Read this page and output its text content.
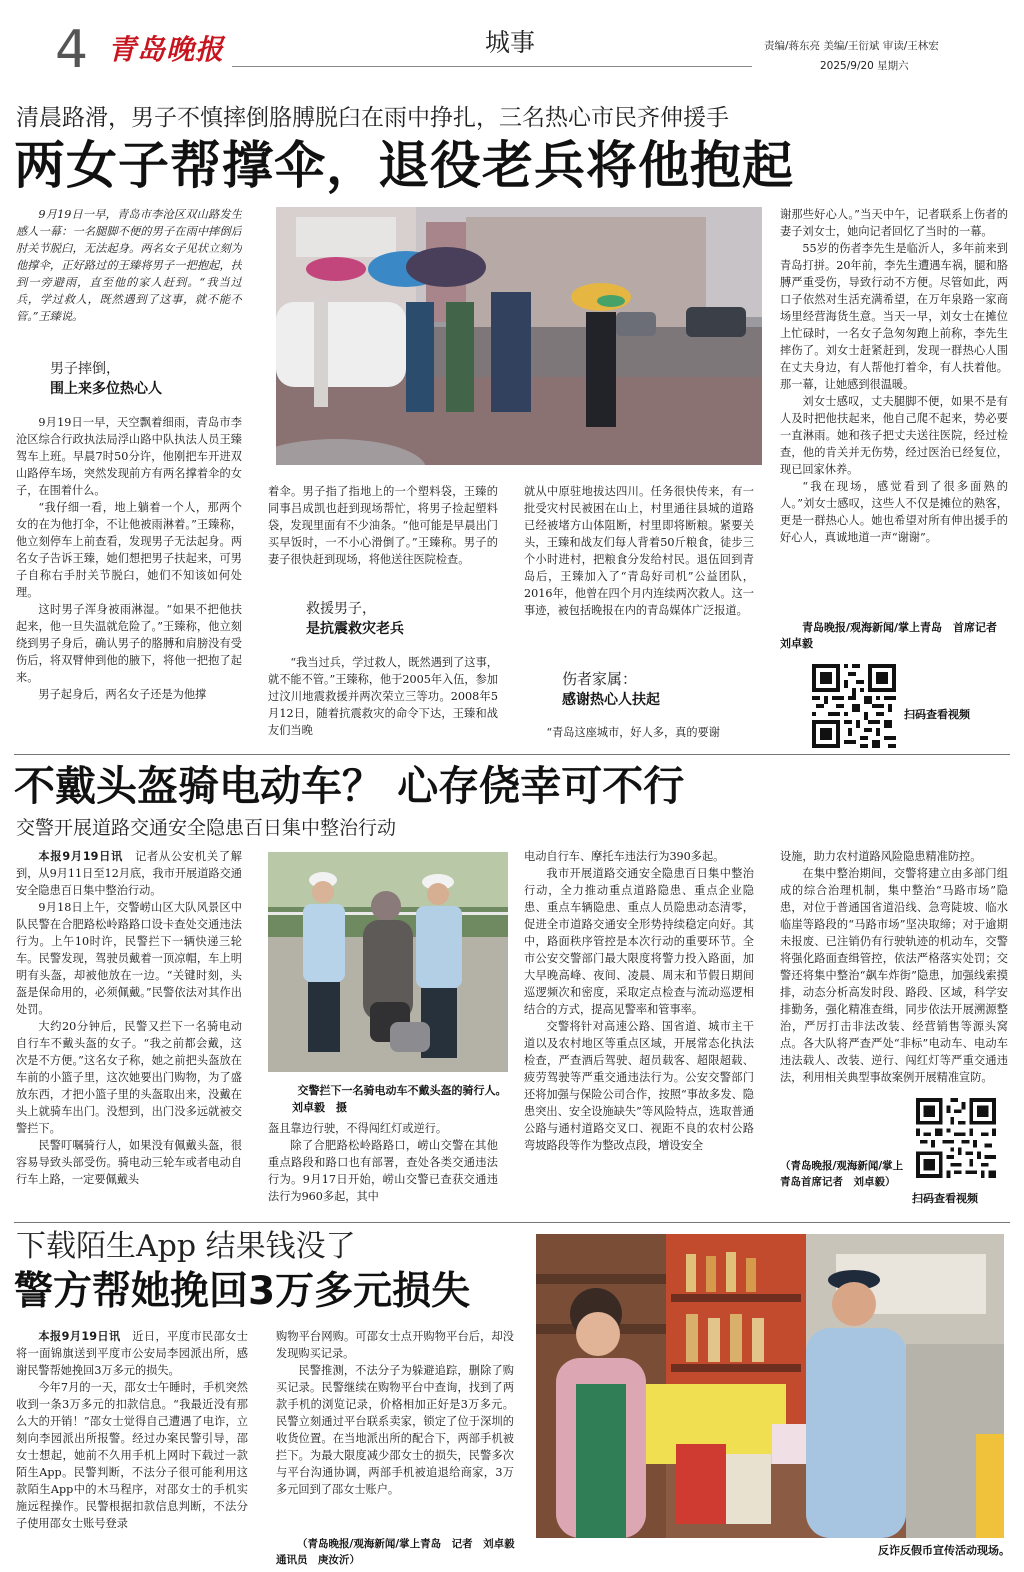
4 青岛晚报	城事	责编/蒋东亮 美编/王衍斌 审读/王林宏
2025/9/20 星期六
清晨路滑，男子不慎摔倒胳膊脱臼在雨中挣扎，三名热心市民齐伸援手
两女子帮撑伞，退役老兵将他抱起

9月19日一早，青岛市李沧区双山路发生感人一幕：一名腿脚不便的男子在雨中摔倒后肘关节脱臼，无法起身。两名女子见状立刻为他撑伞，正好路过的王臻将男子一把抱起，扶到一旁避雨，直至他的家人赶到。“我当过兵，学过救人，既然遇到了这事，就不能不管。”王臻说。

男子摔倒，
围上来多位热心人

9月19日一早，天空飘着细雨，青岛市李沧区综合行政执法局浮山路中队执法人员王臻驾车上班。早晨7时50分许，他刚把车开进双山路停车场，突然发现前方有两名撑着伞的女子，在围着什么。

“我仔细一看，地上躺着一个人，那两个女的在为他打伞，不让他被雨淋着。”王臻称，他立刻停车上前查看，发现男子无法起身。两名女子告诉王臻，她们想把男子扶起来，可男子自称右手肘关节脱臼，她们不知该如何处理。

这时男子浑身被雨淋湿。“如果不把他扶起来，他一旦失温就危险了。”王臻称，他立刻绕到男子身后，确认男子的胳膊和肩膀没有受伤后，将双臂伸到他的腋下，将他一把抱了起来。

男子起身后，两名女子还是为他撑

着伞。男子指了指地上的一个塑料袋，王臻的同事吕成凯也赶到现场帮忙，将男子捡起塑料袋，发现里面有不少油条。“他可能是早晨出门买早饭时，一不小心滑倒了。”王臻称。男子的妻子很快赶到现场，将他送往医院检查。

救援男子，
是抗震救灾老兵

“我当过兵，学过救人，既然遇到了这事，就不能不管。”王臻称，他于2005年入伍，参加过汶川地震救援并两次荣立三等功。2008年5月12日，随着抗震救灾的命令下达，王臻和战友们当晚

就从中原驻地拔达四川。任务很快传来，有一批受灾村民被困在山上，村里通往县城的道路已经被堵方山体阻断，村里即将断粮。紧要关头，王臻和战友们每人背着50斤粮食，徒步三个小时进村，把粮食分发给村民。退伍回到青岛后，王臻加入了“青岛好司机”公益团队，2016年，他曾在四个月内连续两次救人。这一事迹，被包括晚报在内的青岛媒体广泛报道。

伤者家属：
感谢热心人扶起

“青岛这座城市，好人多，真的要谢

谢那些好心人。”当天中午，记者联系上伤者的妻子刘女士，她向记者回忆了当时的一幕。

55岁的伤者李先生是临沂人，多年前来到青岛打拼。20年前，李先生遭遇车祸，腿和胳膊严重受伤，导致行动不方便。尽管如此，两口子依然对生活充满希望，在万年泉路一家商场里经营海货生意。当天一早，刘女士在摊位上忙碌时，一名女子急匆匆跑上前称，李先生摔伤了。刘女士赶紧赶到，发现一群热心人围在丈夫身边，有人帮他打着伞，有人扶着他。那一幕，让她感到很温暖。

刘女士感叹，丈夫腿脚不便，如果不是有人及时把他扶起来，他自己爬不起来，势必要一直淋雨。她和孩子把丈夫送往医院，经过检查，他的肯关并无伤势，经过医治已经复位，现已回家休养。

“我在现场，感觉看到了很多面熟的人。”刘女士感叹，这些人不仅是摊位的熟客，更是一群热心人。她也希望对所有伸出援手的好心人，真诚地道一声“谢谢”。

青岛晚报/观海新闻/掌上青岛　首席记者　刘卓毅
扫码查看视频
不戴头盔骑电动车？ 心存侥幸可不行
交警开展道路交通安全隐患百日集中整治行动

本报9月19日讯　 记者从公安机关了解到，从9月11日至12月底，我市开展道路交通安全隐患百日集中整治行动。

9月18日上午，交警崂山区大队风景区中队民警在合肥路松岭路路口设卡查处交通违法行为。上午10时许，民警拦下一辆快递三轮车。民警发现，驾驶员戴着一顶凉帽，车上明明有头盔，却被他放在一边。“关键时刻，头盔是保命用的，必须佩戴。”民警依法对其作出处罚。

大约20分钟后，民警又拦下一名骑电动自行车不戴头盔的女子。“我之前都会戴，这次是不方便。”这名女子称，她之前把头盔放在车前的小篮子里，这次她要出门购物，为了盛放东西，才把小篮子里的头盔取出来，没戴在头上就骑车出门。没想到，出门没多远就被交警拦下。

民警叮嘱骑行人，如果没有佩戴头盔，很容易导致头部受伤。骑电动三轮车或者电动自行车上路，一定要佩戴头

交警拦下一名骑电动车不戴头盔的骑行人。刘卓毅　摄

盔且靠边行驶，不得闯红灯或逆行。

除了合肥路松岭路路口，崂山交警在其他重点路段和路口也有部署，查处各类交通违法行为。9月17日开始，崂山交警已查获交通违法行为960多起，其中

电动自行车、摩托车违法行为390多起。

我市开展道路交通安全隐患百日集中整治行动，全力推动重点道路隐患、重点企业隐患、重点车辆隐患、重点人员隐患动态清零，促进全市道路交通安全形势持续稳定向好。其中，路面秩序管控是本次行动的重要环节。全市公安交警部门最大限度将警力投入路面，加大早晚高峰、夜间、凌晨、周末和节假日期间巡逻频次和密度，采取定点检查与流动巡逻相结合的方式，提高见警率和管事率。

交警将针对高速公路、国省道、城市主干道以及农村地区等重点区域，开展常态化执法检查，严查酒后驾驶、超员载客、超限超载、疲劳驾驶等严重交通违法行为。公安交警部门还将加强与保险公司合作，按照“事故多发、隐患突出、安全设施缺失”等风险特点，选取普通公路与通村道路交叉口、视距不良的农村公路弯坡路段等作为整改点段，增设安全

设施，助力农村道路风险隐患精准防控。

在集中整治期间，交警将建立由多部门组成的综合治理机制，集中整治“马路市场”隐患，对位于普通国省道沿线、急弯陡坡、临水临崖等路段的“马路市场”坚决取缔；对于逾期未报废、已注销仍有行驶轨迹的机动车，交警将强化路面查缉管控，依法严格落实处罚；交警还将集中整治“飙车炸街”隐患，加强线索摸排，动态分析高发时段、路段、区域，科学安排勤务，强化精准查缉，同步依法开展溯源整治，严厉打击非法改装、经营销售等源头窝点。各大队将严查严处“非标”电动车、电动车违法载人、改装、逆行、闯红灯等严重交通违法，利用相关典型事故案例开展精准宣防。

（青岛晚报/观海新闻/掌上青岛首席记者　刘卓毅）
扫码查看视频
下载陌生App 结果钱没了
警方帮她挽回3万多元损失

本报9月19日讯　 近日，平度市民邵女士将一面锦旗送到平度市公安局李园派出所，感谢民警帮她挽回3万多元的损失。

今年7月的一天，邵女士午睡时，手机突然收到一条3万多元的扣款信息。“我最近没有那么大的开销！”邵女士觉得自己遭遇了电诈，立刻向李园派出所报警。经过办案民警引导，邵女士想起，她前不久用手机上网时下载过一款陌生App。民警判断，不法分子很可能利用这款陌生App中的木马程序，对邵女士的手机实施远程操作。民警根据扣款信息判断，不法分子使用邵女士账号登录

购物平台网购。可邵女士点开购物平台后，却没发现购买记录。

民警推测，不法分子为躲避追踪，删除了购买记录。民警继续在购物平台中查询，找到了两款手机的浏览记录，价格相加正好是3万多元。民警立刻通过平台联系卖家，锁定了位于深圳的收货位置。在当地派出所的配合下，两部手机被拦下。为最大限度减少邵女士的损失，民警多次与平台沟通协调，两部手机被追退给商家，3万多元回到了邵女士账户。

（青岛晚报/观海新闻/掌上青岛　记者　刘卓毅　通讯员　庚汝沂）
反诈反假币宣传活动现场。
